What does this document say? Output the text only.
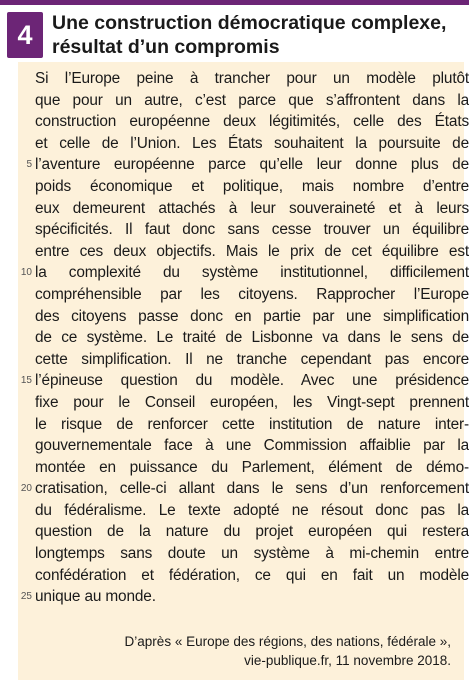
4 Une construction démocratique complexe,
résultat d’un compromis
5
10
15
20
25
Si l’Europe peine à trancher pour un modèle plutôt
que pour un autre, c’est parce que s’affrontent dans la
construction européenne deux légitimités, celle des États
et celle de l’Union. Les États souhaitent la poursuite de
l’aventure européenne parce qu’elle leur donne plus de
poids économique et politique, mais nombre d’entre
eux demeurent attachés à leur souveraineté et à leurs
spécificités. Il faut donc sans cesse trouver un équilibre
entre ces deux objectifs. Mais le prix de cet équilibre est
la complexité du système institutionnel, difficilement
compréhensible par les citoyens. Rapprocher l’Europe
des citoyens passe donc en partie par une simplification
de ce système. Le traité de Lisbonne va dans le sens de
cette simplification. Il ne tranche cependant pas encore
l’épineuse question du modèle. Avec une présidence
fixe pour le Conseil européen, les Vingt-sept prennent
le risque de renforcer cette institution de nature inter-
gouvernementale face à une Commission affaiblie par la
montée en puissance du Parlement, élément de démo-
cratisation, celle-ci allant dans le sens d’un renforcement
du fédéralisme. Le texte adopté ne résout donc pas la
question de la nature du projet européen qui restera
longtemps sans doute un système à mi-chemin entre
confédération et fédération, ce qui en fait un modèle
unique au monde.
D’après « Europe des régions, des nations, fédérale »,
vie-publique.fr, 11 novembre 2018.
